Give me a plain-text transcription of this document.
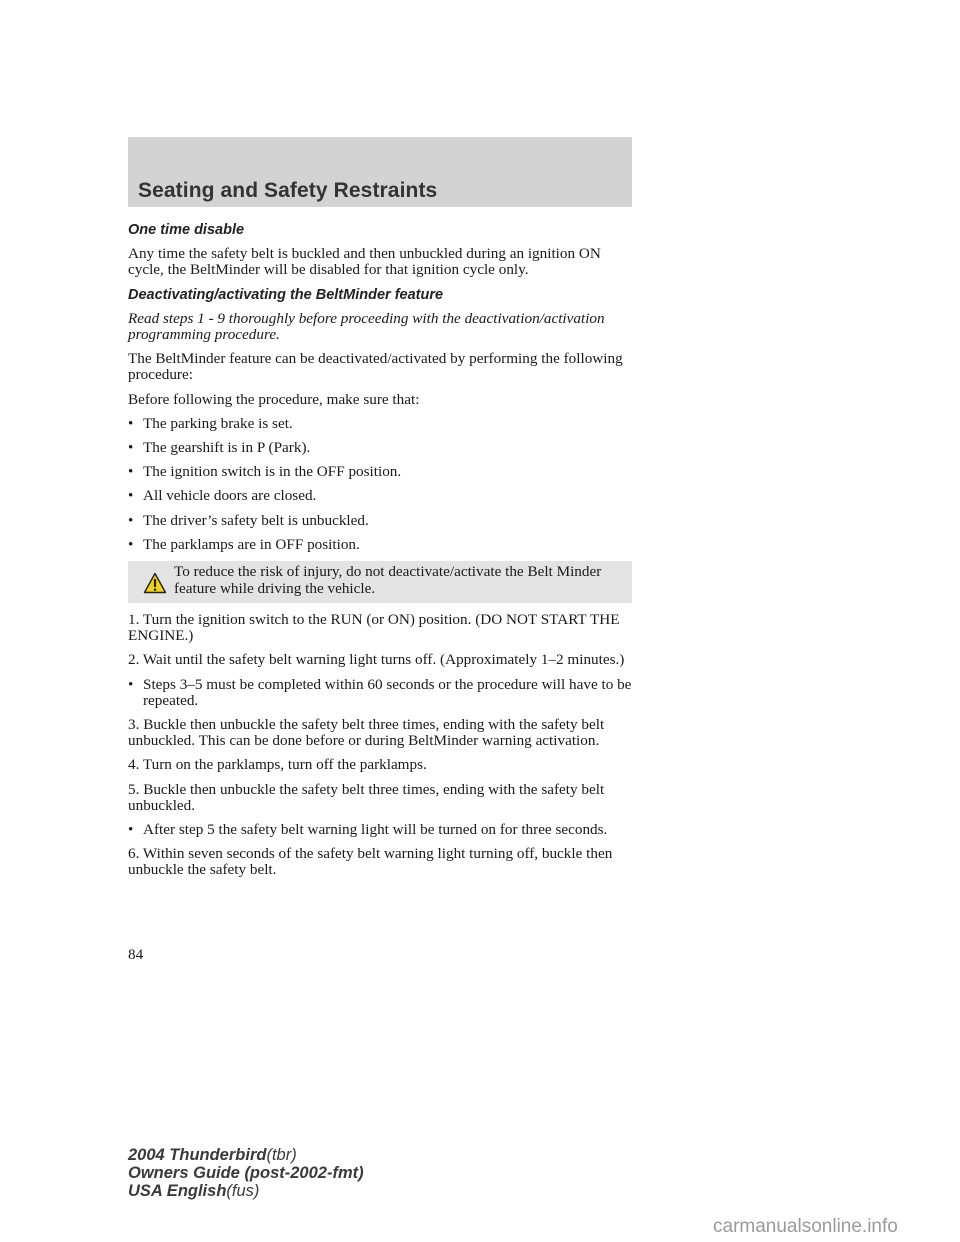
Seating and Safety Restraints

One time disable

Any time the safety belt is buckled and then unbuckled during an ignition ON cycle, the BeltMinder will be disabled for that ignition cycle only.

Deactivating/activating the BeltMinder feature

Read steps 1 - 9 thoroughly before proceeding with the deactivation/activation programming procedure.

The BeltMinder feature can be deactivated/activated by performing the following procedure:

Before following the procedure, make sure that:

• The parking brake is set.
• The gearshift is in P (Park).
• The ignition switch is in the OFF position.
• All vehicle doors are closed.
• The driver’s safety belt is unbuckled.
• The parklamps are in OFF position.
To reduce the risk of injury, do not deactivate/activate the Belt Minder feature while driving the vehicle.

1. Turn the ignition switch to the RUN (or ON) position. (DO NOT START THE ENGINE.)

2. Wait until the safety belt warning light turns off. (Approximately 1–2 minutes.)

• Steps 3–5 must be completed within 60 seconds or the procedure will have to be repeated.

3. Buckle then unbuckle the safety belt three times, ending with the safety belt unbuckled. This can be done before or during BeltMinder warning activation.

4. Turn on the parklamps, turn off the parklamps.

5. Buckle then unbuckle the safety belt three times, ending with the safety belt unbuckled.

• After step 5 the safety belt warning light will be turned on for three seconds.

6. Within seven seconds of the safety belt warning light turning off, buckle then unbuckle the safety belt.

84
2004 Thunderbird(tbr)
Owners Guide (post-2002-fmt)
USA English(fus)
carmanualsonline.info
